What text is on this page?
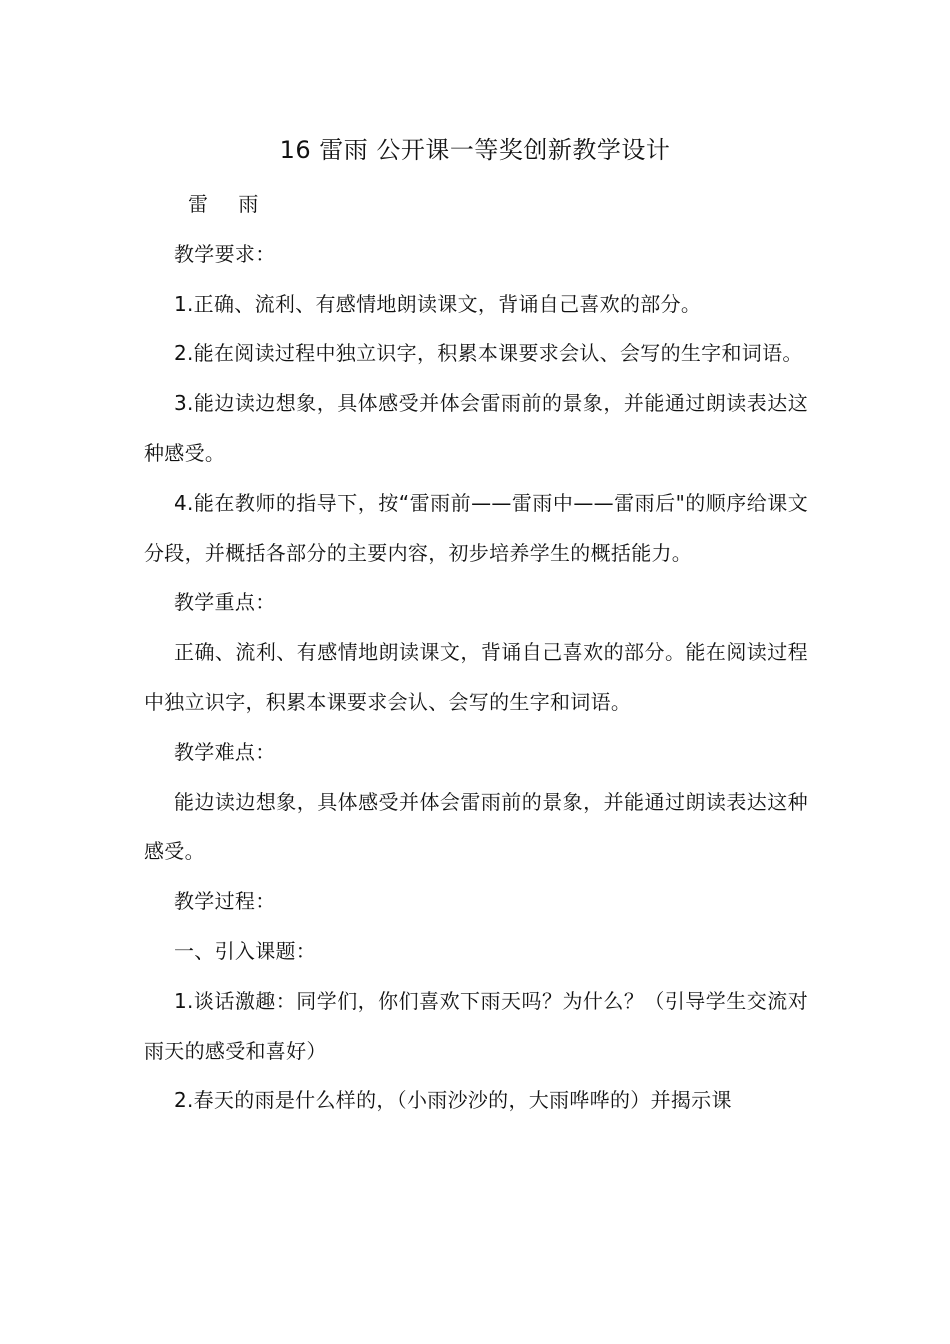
16 雷雨 公开课一等奖创新教学设计

雷 雨

教学要求：

1.正确、流利、有感情地朗读课文，背诵自己喜欢的部分。

2.能在阅读过程中独立识字，积累本课要求会认、会写的生字和词语。

3.能边读边想象，具体感受并体会雷雨前的景象，并能通过朗读表达这种感受。

4.能在教师的指导下，按“雷雨前——雷雨中——雷雨后"的顺序给课文分段，并概括各部分的主要内容，初步培养学生的概括能力。

教学重点：

正确、流利、有感情地朗读课文，背诵自己喜欢的部分。能在阅读过程中独立识字，积累本课要求会认、会写的生字和词语。

教学难点：

能边读边想象，具体感受并体会雷雨前的景象，并能通过朗读表达这种感受。

教学过程：

一、引入课题：

1.谈话激趣：同学们，你们喜欢下雨天吗？为什么？（引导学生交流对雨天的感受和喜好）

2.春天的雨是什么样的，（小雨沙沙的，大雨哗哗的）并揭示课
